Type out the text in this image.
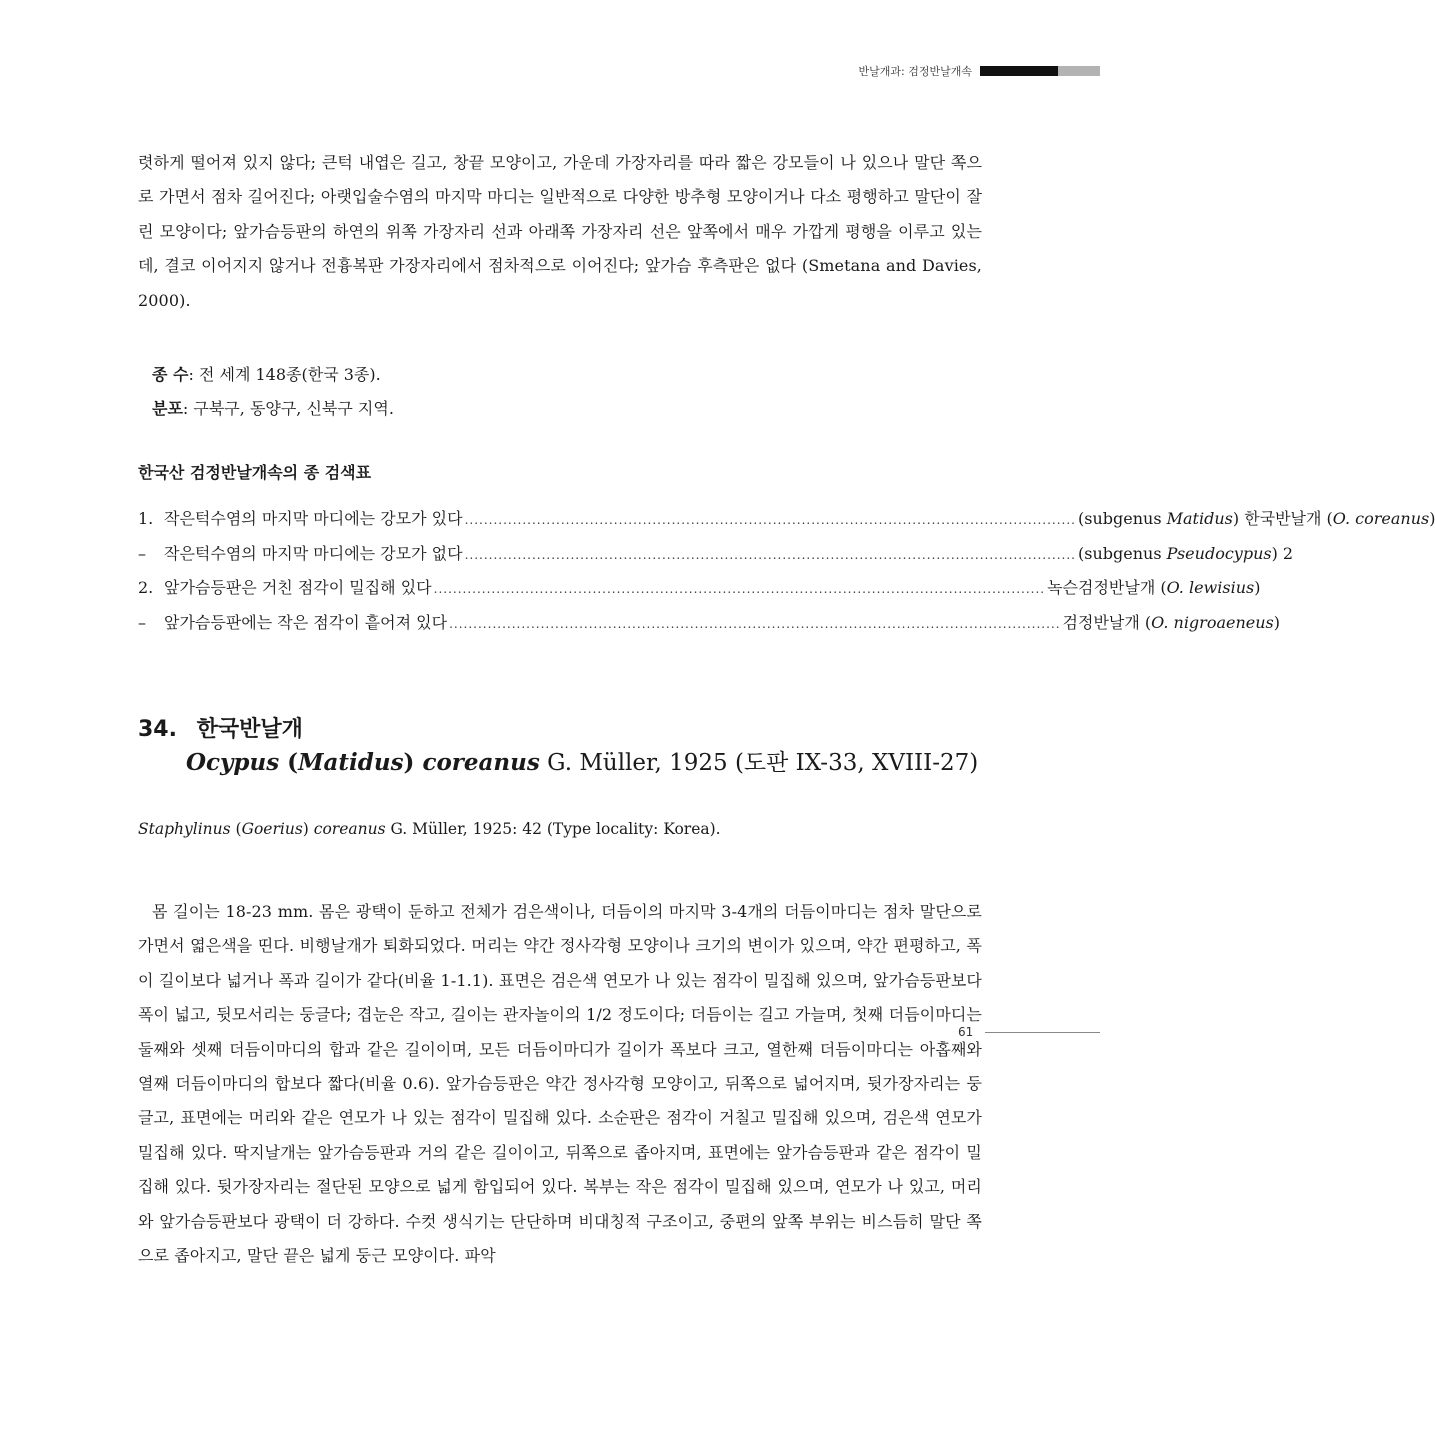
반날개과: 검정반날개속

렷하게 떨어져 있지 않다; 큰턱 내엽은 길고, 창끝 모양이고, 가운데 가장자리를 따라 짧은 강모들이 나 있으나 말단 쪽으로 가면서 점차 길어진다; 아랫입술수염의 마지막 마디는 일반적으로 다양한 방추형 모양이거나 다소 평행하고 말단이 잘린 모양이다; 앞가슴등판의 하연의 위쪽 가장자리 선과 아래쪽 가장자리 선은 앞쪽에서 매우 가깝게 평행을 이루고 있는데, 결코 이어지지 않거나 전흉복판 가장자리에서 점차적으로 이어진다; 앞가슴 후측판은 없다 (Smetana and Davies, 2000).

종 수: 전 세계 148종(한국 3종).
분포: 구북구, 동양구, 신북구 지역.
한국산 검정반날개속의 종 검색표
1. 작은턱수염의 마지막 마디에는 강모가 있다 ............................................................................................................................... (subgenus Matidus) 한국반날개 (O. coreanus)
–	작은턱수염의 마지막 마디에는 강모가 없다 ............................................................................................................................... (subgenus Pseudocypus) 2
2. 앞가슴등판은 거친 점각이 밀집해 있다 ............................................................................................................................... 녹슨검정반날개 (O. lewisius)
–	앞가슴등판에는 작은 점각이 흩어져 있다 ............................................................................................................................... 검정반날개 (O. nigroaeneus)
34. 한국반날개
Ocypus (Matidus) coreanus G. Müller, 1925 (도판 IX-33, XVIII-27)
Staphylinus (Goerius) coreanus G. Müller, 1925: 42 (Type locality: Korea).

몸 길이는 18-23 mm. 몸은 광택이 둔하고 전체가 검은색이나, 더듬이의 마지막 3-4개의 더듬이마디는 점차 말단으로 가면서 엷은색을 띤다. 비행날개가 퇴화되었다. 머리는 약간 정사각형 모양이나 크기의 변이가 있으며, 약간 편평하고, 폭이 길이보다 넓거나 폭과 길이가 같다(비율 1-1.1). 표면은 검은색 연모가 나 있는 점각이 밀집해 있으며, 앞가슴등판보다 폭이 넓고, 뒷모서리는 둥글다; 겹눈은 작고, 길이는 관자놀이의 1/2 정도이다; 더듬이는 길고 가늘며, 첫째 더듬이마디는 둘째와 셋째 더듬이마디의 합과 같은 길이이며, 모든 더듬이마디가 길이가 폭보다 크고, 열한째 더듬이마디는 아홉째와 열째 더듬이마디의 합보다 짧다(비율 0.6). 앞가슴등판은 약간 정사각형 모양이고, 뒤쪽으로 넓어지며, 뒷가장자리는 둥글고, 표면에는 머리와 같은 연모가 나 있는 점각이 밀집해 있다. 소순판은 점각이 거칠고 밀집해 있으며, 검은색 연모가 밀집해 있다. 딱지날개는 앞가슴등판과 거의 같은 길이이고, 뒤쪽으로 좁아지며, 표면에는 앞가슴등판과 같은 점각이 밀집해 있다. 뒷가장자리는 절단된 모양으로 넓게 함입되어 있다. 복부는 작은 점각이 밀집해 있으며, 연모가 나 있고, 머리와 앞가슴등판보다 광택이 더 강하다. 수컷 생식기는 단단하며 비대칭적 구조이고, 중편의 앞쪽 부위는 비스듬히 말단 쪽으로 좁아지고, 말단 끝은 넓게 둥근 모양이다. 파악

61
